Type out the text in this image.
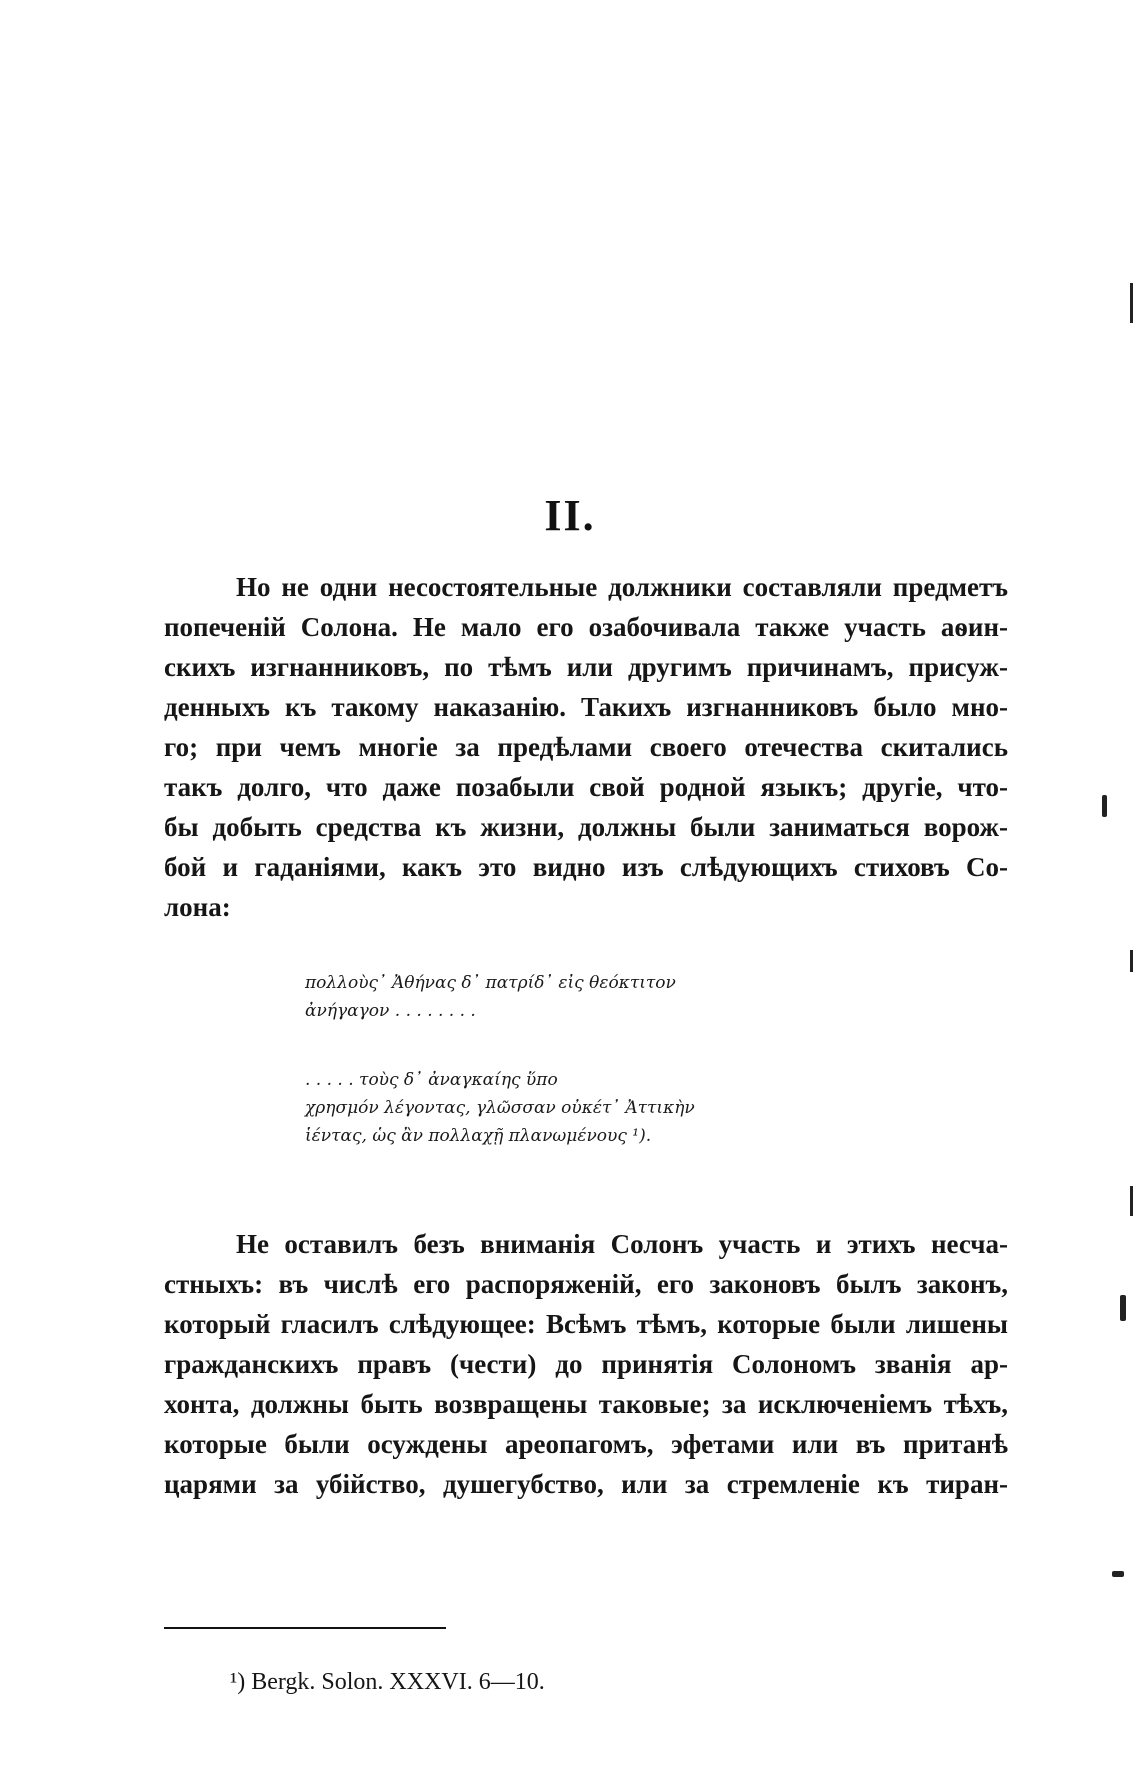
II.
Но не одни несостоятельные должники составляли предметъ
попеченій Солона. Не мало его озабочивала также участь аѳин-
скихъ изгнанниковъ, по тѣмъ или другимъ причинамъ, присуж-
денныхъ къ такому наказанію. Такихъ изгнанниковъ было мно-
го; при чемъ многіе за предѣлами своего отечества скитались
такъ долго, что даже позабыли свой родной языкъ; другіе, что-
бы добыть средства къ жизни, должны были заниматься ворож-
бой и гаданіями, какъ это видно изъ слѣдующихъ стиховъ Со-
лона:
πολλοὺς᾽ Ἀθήνας δ᾽ πατρίδ᾽ εἰς θεόκτιτον
ἀνήγαγον . . . . . . . .
. . . . . τοὺς δ᾽ ἀναγκαίης ὕπο
χρησμόν λέγοντας, γλῶσσαν οὐκέτ᾽ Ἀττικὴν
ἱέντας, ὡς ἂν πολλαχῇ πλανωμένους ¹).
Не оставилъ безъ вниманія Солонъ участь и этихъ несча-
стныхъ: въ числѣ его распоряженій, его законовъ былъ законъ,
который гласилъ слѣдующее: Всѣмъ тѣмъ, которые были лишены
гражданскихъ правъ (чести) до принятія Солономъ званія ар-
хонта, должны быть возвращены таковые; за исключеніемъ тѣхъ,
которые были осуждены ареопагомъ, эфетами или въ пританѣ
царями за убійство, душегубство, или за стремленіе къ тиран-
¹) Bergk. Solon. XXXVI. 6—10.
